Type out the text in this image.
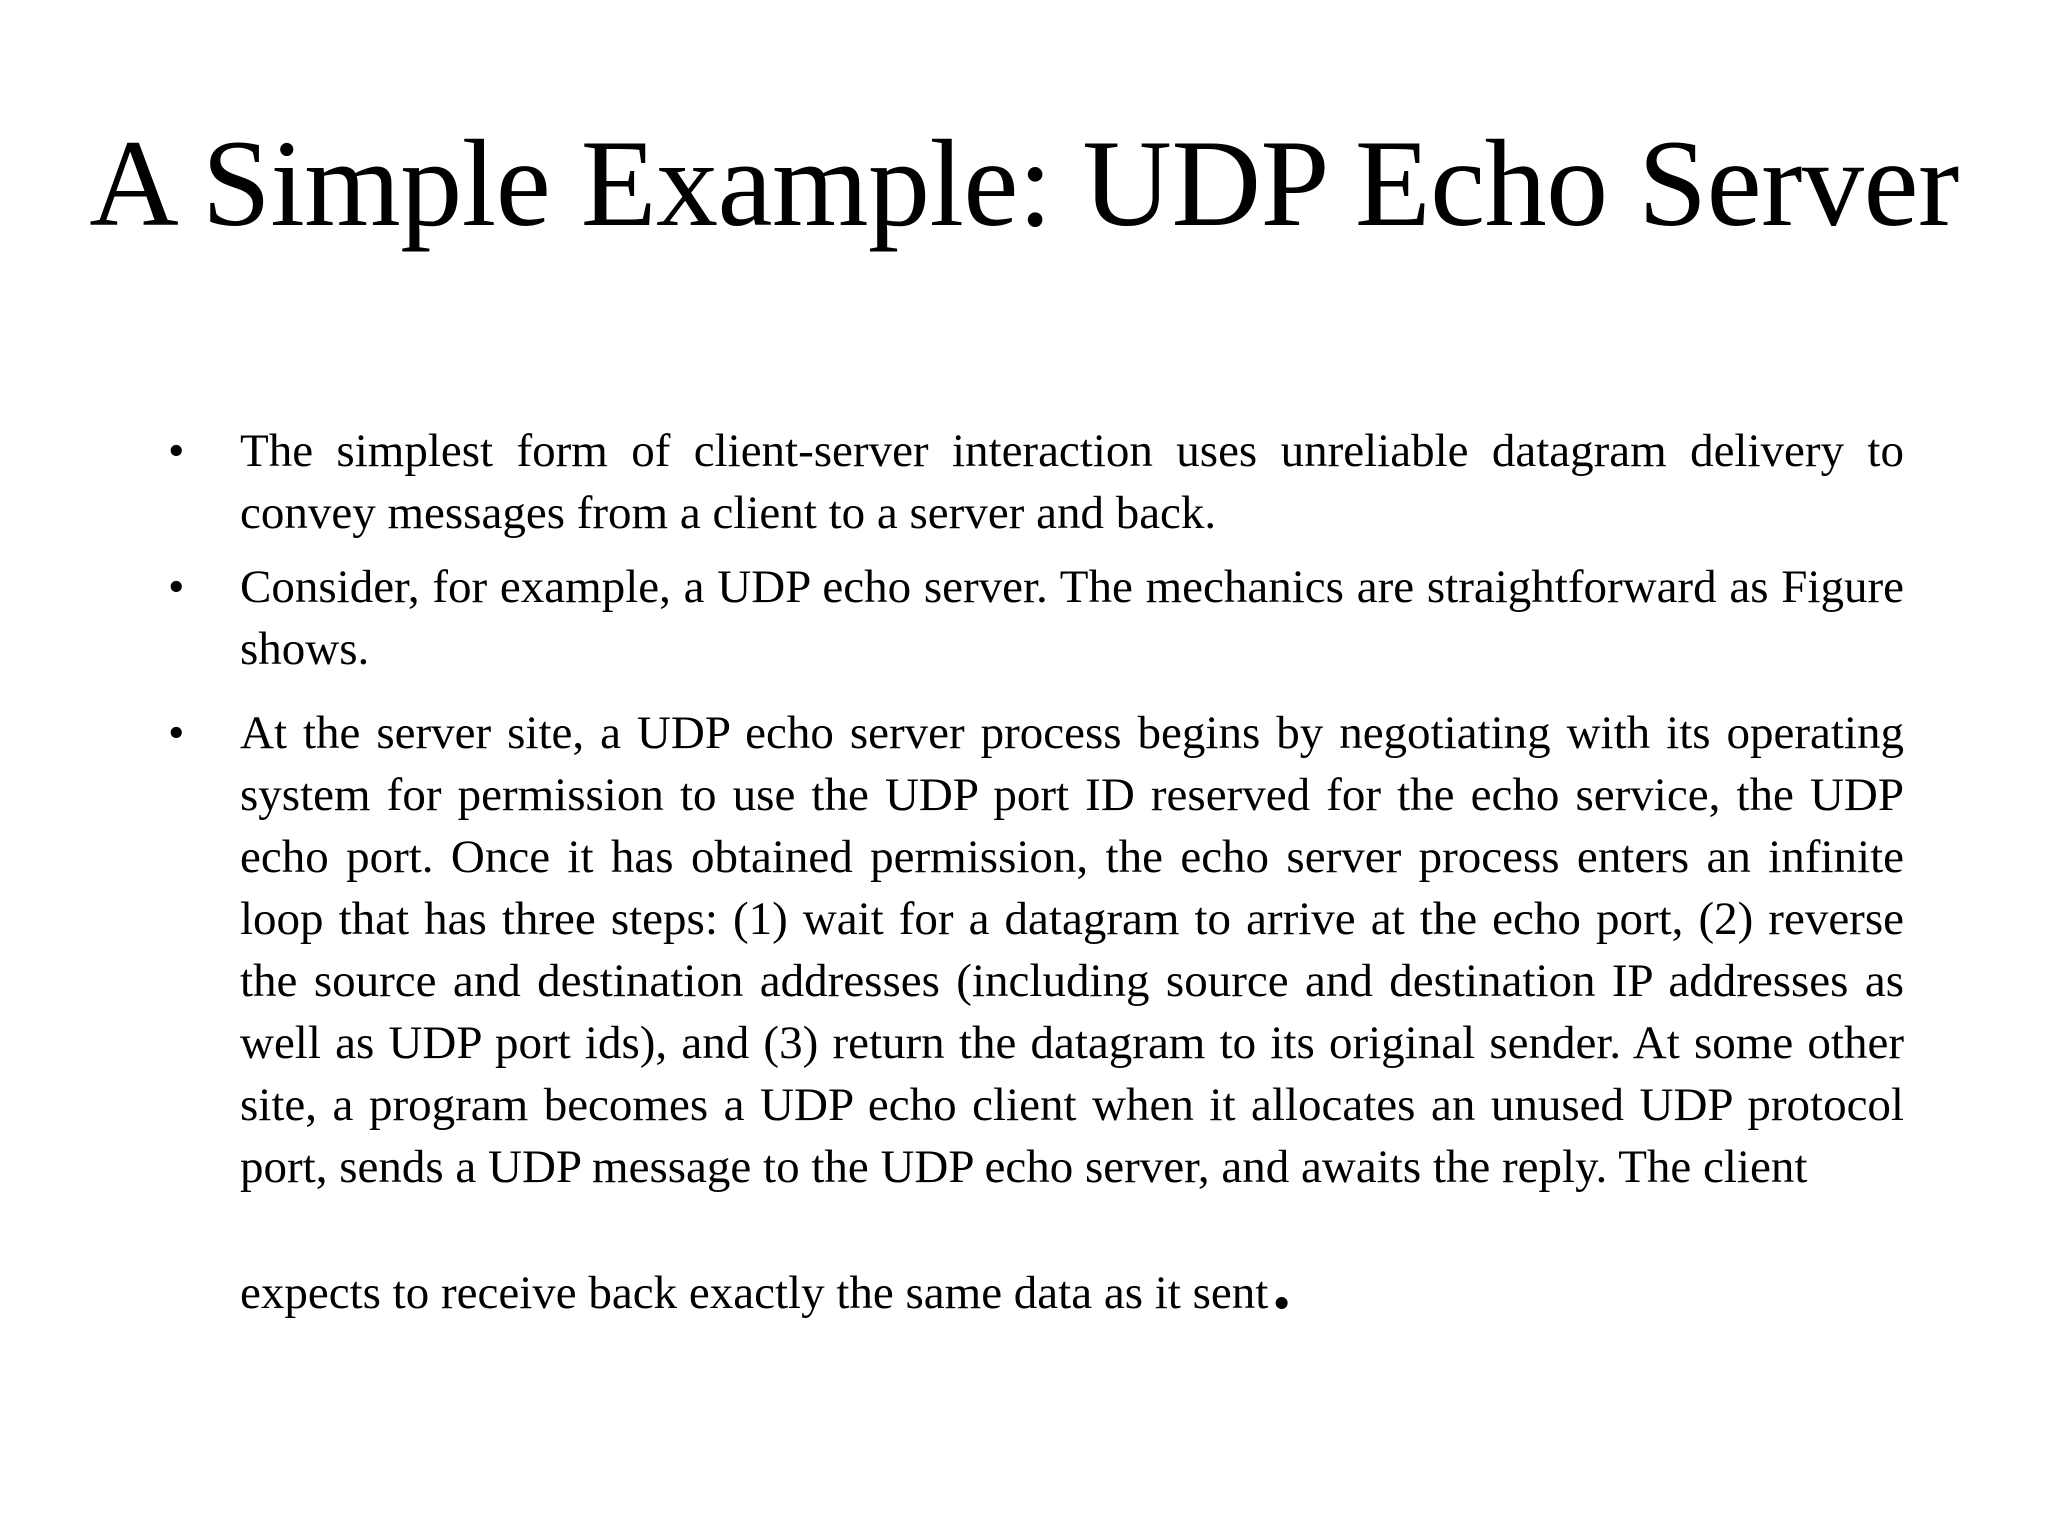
A Simple Example: UDP Echo Server
• The simplest form of client-server interaction uses unreliable datagram delivery to convey messages from a client to a server and back.
• Consider, for example, a UDP echo server. The mechanics are straightforward as Figure shows.
• At the server site, a UDP echo server process begins by negotiating with its operating system for permission to use the UDP port ID reserved for the echo service, the UDP echo port. Once it has obtained permission, the echo server process enters an infinite loop that has three steps: (1) wait for a datagram to arrive at the echo port, (2) reverse the source and destination addresses (including source and destination IP addresses as well as UDP port ids), and (3) return the datagram to its original sender. At some other site, a program becomes a UDP echo client when it allocates an unused UDP protocol port, sends a UDP message to the UDP echo server, and awaits the reply. The client
expects to receive back exactly the same data as it sent.
